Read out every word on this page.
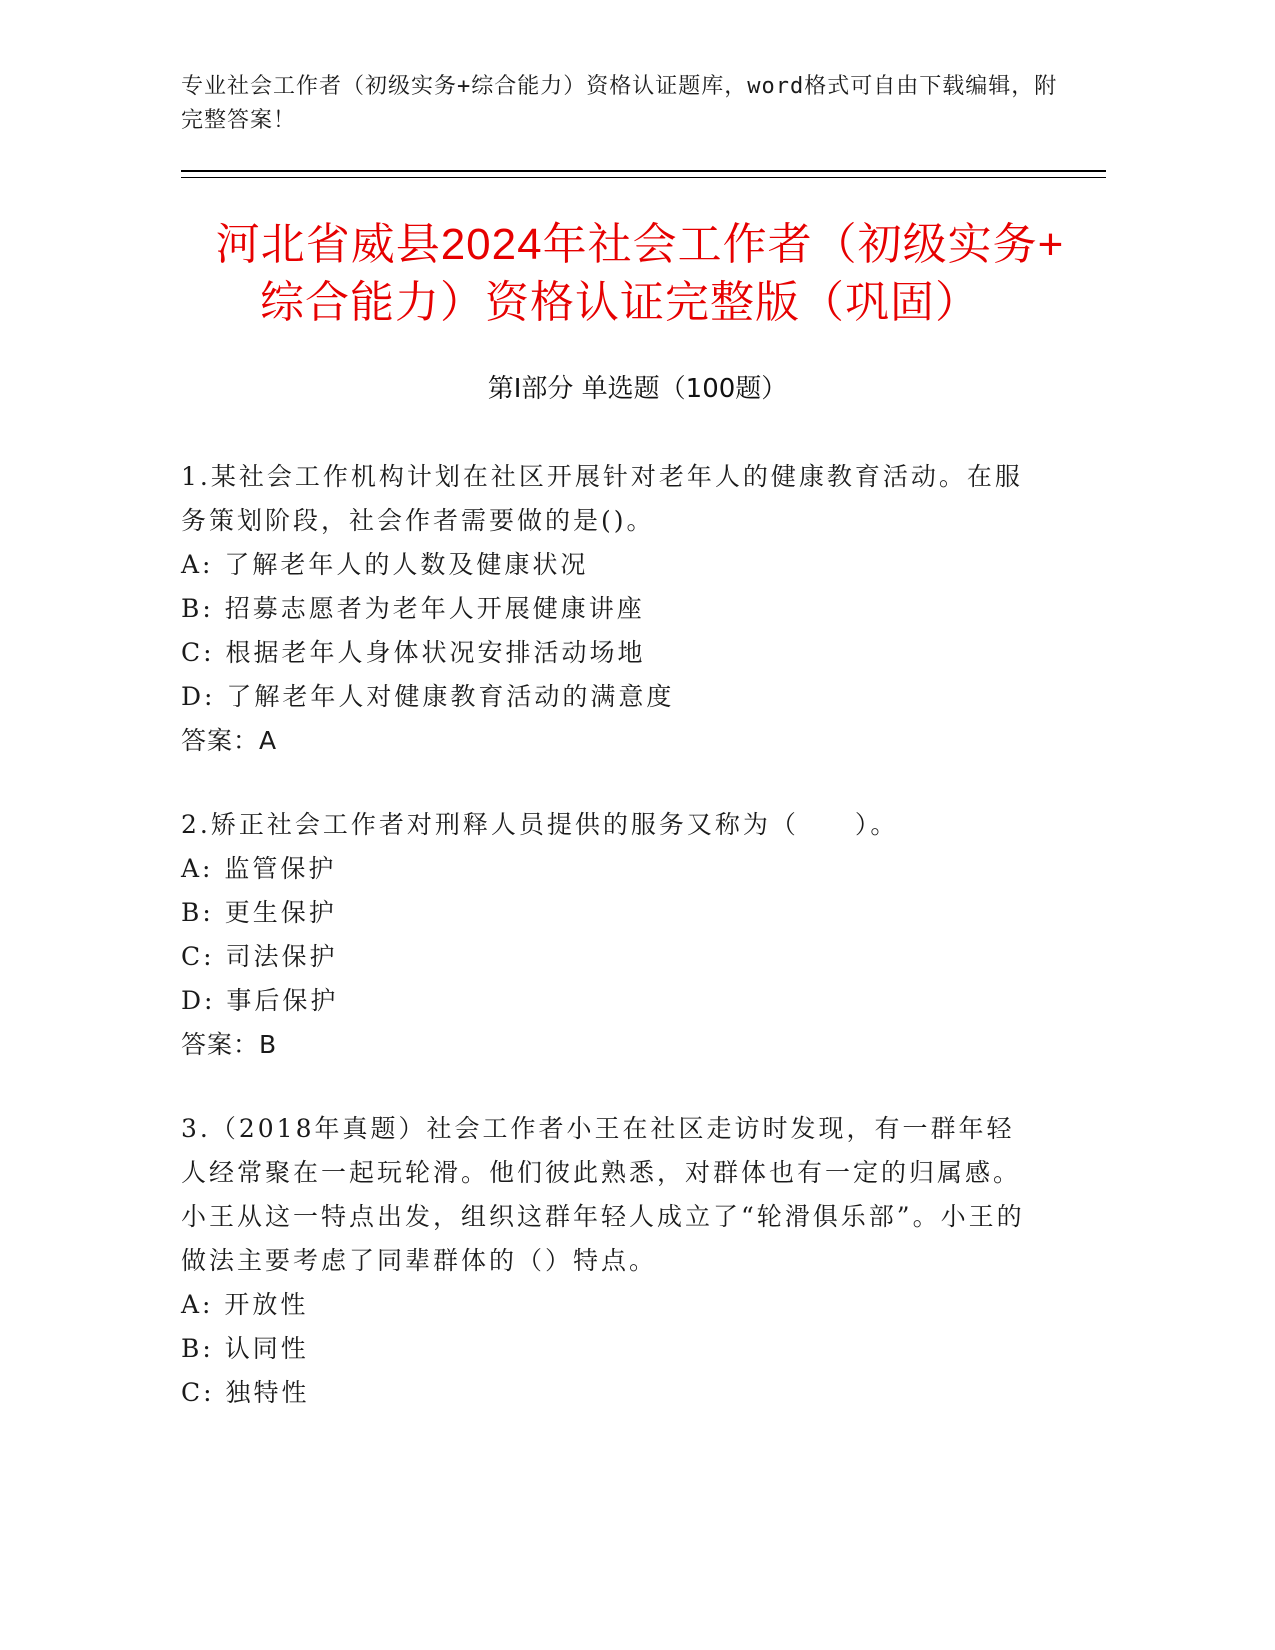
专业社会工作者（初级实务+综合能力）资格认证题库，word格式可自由下载编辑，附完整答案！
河北省威县2024年社会工作者（初级实务+
综合能力）资格认证完整版（巩固）
第Ⅰ部分 单选题（100题）

1.某社会工作机构计划在社区开展针对老年人的健康教育活动。在服务策划阶段，社会作者需要做的是()。

A: 了解老年人的人数及健康状况

B: 招募志愿者为老年人开展健康讲座

C: 根据老年人身体状况安排活动场地

D: 了解老年人对健康教育活动的满意度

答案：A

2.矫正社会工作者对刑释人员提供的服务又称为（　　）。

A: 监管保护

B: 更生保护

C: 司法保护

D: 事后保护

答案：B

3.（2018年真题）社会工作者小王在社区走访时发现，有一群年轻人经常聚在一起玩轮滑。他们彼此熟悉，对群体也有一定的归属感。小王从这一特点出发，组织这群年轻人成立了“轮滑俱乐部”。小王的做法主要考虑了同辈群体的（）特点。

A: 开放性

B: 认同性

C: 独特性
